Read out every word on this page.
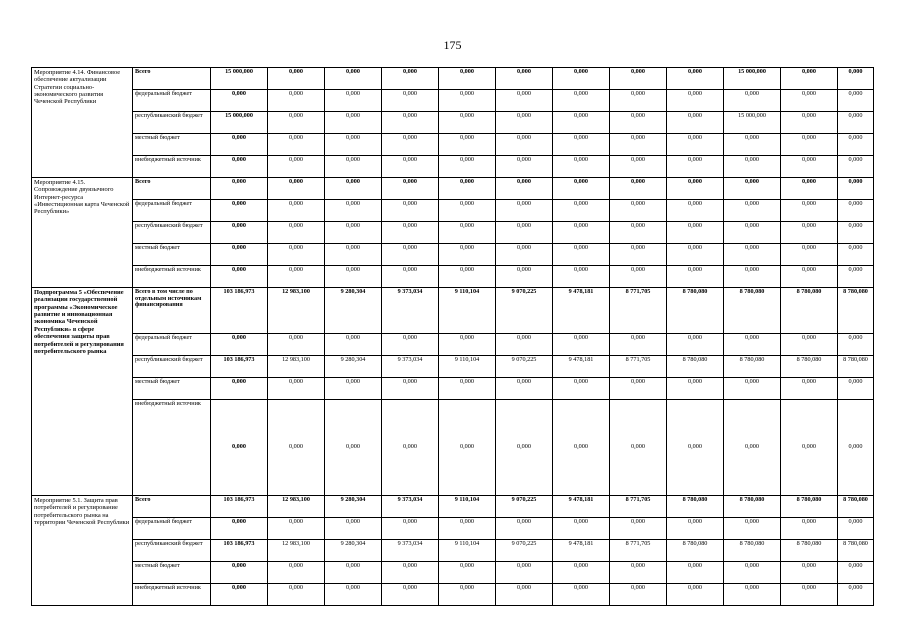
175
Мероприятие 4.14. Финансовое обеспечение актуализации Стратегии социально-экономического развития Чеченской Республики	Всего	15 000,000	0,000	0,000	0,000	0,000	0,000	0,000	0,000	0,000	15 000,000	0,000	0,000
	федеральный бюджет	0,000	0,000	0,000	0,000	0,000	0,000	0,000	0,000	0,000	0,000	0,000	0,000
	республиканский бюджет	15 000,000	0,000	0,000	0,000	0,000	0,000	0,000	0,000	0,000	15 000,000	0,000	0,000
	местный бюджет	0,000	0,000	0,000	0,000	0,000	0,000	0,000	0,000	0,000	0,000	0,000	0,000
	внебюджетный источник	0,000	0,000	0,000	0,000	0,000	0,000	0,000	0,000	0,000	0,000	0,000	0,000
Мероприятие 4.15. Сопровождение двуязычного Интернет-ресурса «Инвестиционная карта Чеченской Республики»	Всего	0,000	0,000	0,000	0,000	0,000	0,000	0,000	0,000	0,000	0,000	0,000	0,000
	федеральный бюджет	0,000	0,000	0,000	0,000	0,000	0,000	0,000	0,000	0,000	0,000	0,000	0,000
	республиканский бюджет	0,000	0,000	0,000	0,000	0,000	0,000	0,000	0,000	0,000	0,000	0,000	0,000
	местный бюджет	0,000	0,000	0,000	0,000	0,000	0,000	0,000	0,000	0,000	0,000	0,000	0,000
	внебюджетный источник	0,000	0,000	0,000	0,000	0,000	0,000	0,000	0,000	0,000	0,000	0,000	0,000
Подпрограмма 5 «Обеспечение реализации государственной программы «Экономическое развитие и инновационная экономика Чеченской Республики» в сфере обеспечения защиты прав потребителей и регулирования потребительского рынка	Всего в том числе по отдельным источникам финансирования	103 186,973	12 983,100	9 280,304	9 373,034	9 110,104	9 070,225	9 478,181	8 771,705	8 780,080	8 780,080	8 780,080	8 780,080
	федеральный бюджет	0,000	0,000	0,000	0,000	0,000	0,000	0,000	0,000	0,000	0,000	0,000	0,000
	республиканский бюджет	103 186,973	12 983,100	9 280,304	9 373,034	9 110,104	9 070,225	9 478,181	8 771,705	8 780,080	8 780,080	8 780,080	8 780,080
	местный бюджет	0,000	0,000	0,000	0,000	0,000	0,000	0,000	0,000	0,000	0,000	0,000	0,000
	внебюджетный источник	0,000	0,000	0,000	0,000	0,000	0,000	0,000	0,000	0,000	0,000	0,000	0,000
Мероприятие 5.1. Защита прав потребителей и регулирование потребительского рынка на территории Чеченской Республики	Всего	103 186,973	12 983,100	9 280,304	9 373,034	9 110,104	9 070,225	9 478,181	8 771,705	8 780,080	8 780,080	8 780,080	8 780,080
	федеральный бюджет	0,000	0,000	0,000	0,000	0,000	0,000	0,000	0,000	0,000	0,000	0,000	0,000
	республиканский бюджет	103 186,973	12 983,100	9 280,304	9 373,034	9 110,104	9 070,225	9 478,181	8 771,705	8 780,080	8 780,080	8 780,080	8 780,080
	местный бюджет	0,000	0,000	0,000	0,000	0,000	0,000	0,000	0,000	0,000	0,000	0,000	0,000
	внебюджетный источник	0,000	0,000	0,000	0,000	0,000	0,000	0,000	0,000	0,000	0,000	0,000	0,000
